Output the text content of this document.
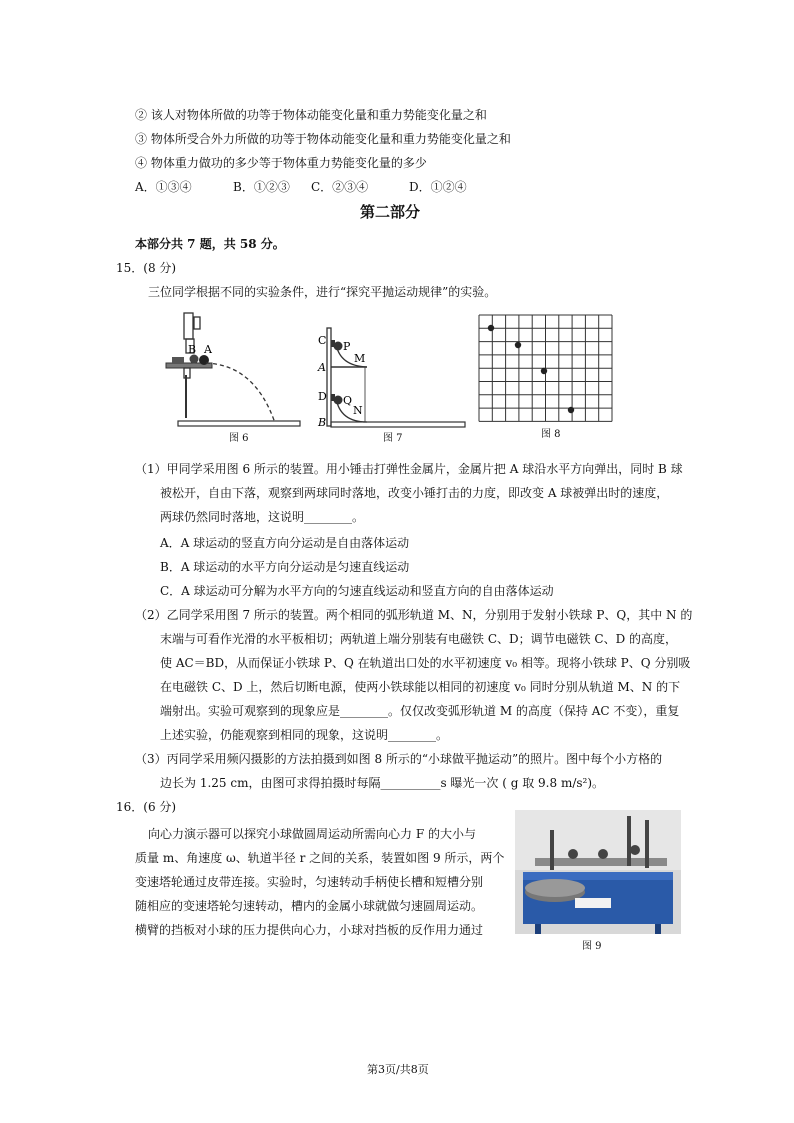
② 该人对物体所做的功等于物体动能变化量和重力势能变化量之和
③ 物体所受合外力所做的功等于物体动能变化量和重力势能变化量之和
④ 物体重力做功的多少等于物体重力势能变化量的多少
A．①③④	B．①②③ C．②③④	D．①②④
第二部分
本部分共 7 题，共 58 分。
15．(8 分)
三位同学根据不同的实验条件，进行“探究平抛运动规律”的实验。
B A
图 6
C P
M
A
D Q
N
B
图 7	图 8
（1）甲同学采用图 6 所示的装置。用小锤击打弹性金属片，金属片把 A 球沿水平方向弹出，同时 B 球
被松开，自由下落，观察到两球同时落地，改变小锤打击的力度，即改变 A 球被弹出时的速度，
两球仍然同时落地，这说明________。
A．A 球运动的竖直方向分运动是自由落体运动
B．A 球运动的水平方向分运动是匀速直线运动
C．A 球运动可分解为水平方向的匀速直线运动和竖直方向的自由落体运动
（2）乙同学采用图 7 所示的装置。两个相同的弧形轨道 M、N，分别用于发射小铁球 P、Q，其中 N 的
末端与可看作光滑的水平板相切；两轨道上端分别装有电磁铁 C、D；调节电磁铁 C、D 的高度，
使 AC＝BD，从而保证小铁球 P、Q 在轨道出口处的水平初速度 v₀ 相等。现将小铁球 P、Q 分别吸
在电磁铁 C、D 上，然后切断电源，使两小铁球能以相同的初速度 v₀ 同时分别从轨道 M、N 的下
端射出。实验可观察到的现象应是________。仅仅改变弧形轨道 M 的高度（保持 AC 不变），重复
上述实验，仍能观察到相同的现象，这说明________。
（3）丙同学采用频闪摄影的方法拍摄到如图 8 所示的“小球做平抛运动”的照片。图中每个小方格的
边长为 1.25 cm，由图可求得拍摄时每隔__________s 曝光一次 ( g 取 9.8 m/s²)。
16．(6 分)
向心力演示器可以探究小球做圆周运动所需向心力 F 的大小与
质量 m、角速度 ω、轨道半径 r 之间的关系，装置如图 9 所示，两个
变速塔轮通过皮带连接。实验时，匀速转动手柄使长槽和短槽分别
随相应的变速塔轮匀速转动，槽内的金属小球就做匀速圆周运动。
横臂的挡板对小球的压力提供向心力，小球对挡板的反作用力通过
图 9
第3页/共8页
